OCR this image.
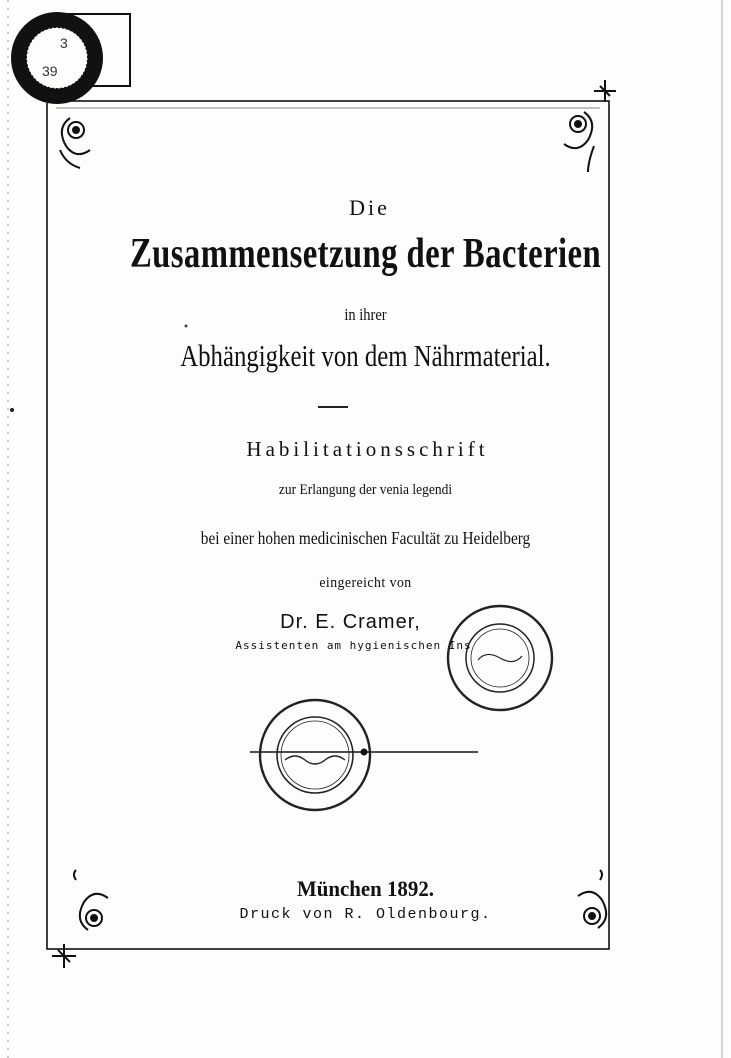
3
39
Die
Zusammensetzung der Bacterien
in ihrer
Abhängigkeit von dem Nährmaterial.
Habilitationsschrift
zur Erlangung der venia legendi
bei einer hohen medicinischen Facultät zu Heidelberg
eingereicht von
Dr. E. Cramer,
Assistenten am hygienischen Ins
München 1892.
Druck von R. Oldenbourg.
